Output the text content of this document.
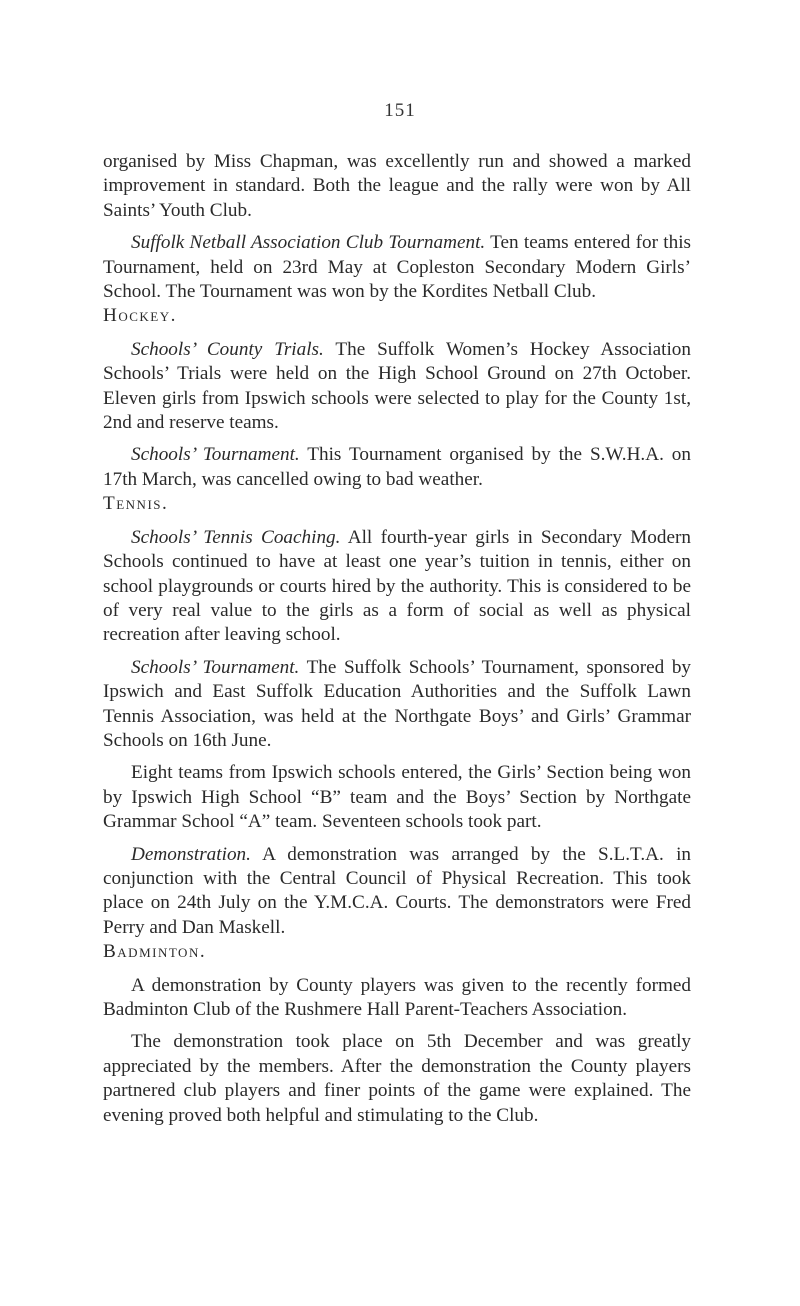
151

organised by Miss Chapman, was excellently run and showed a marked improvement in standard. Both the league and the rally were won by All Saints’ Youth Club.

Suffolk Netball Association Club Tournament. Ten teams entered for this Tournament, held on 23rd May at Copleston Secondary Modern Girls’ School. The Tournament was won by the Kordites Netball Club.

Hockey.

Schools’ County Trials. The Suffolk Women’s Hockey Association Schools’ Trials were held on the High School Ground on 27th October. Eleven girls from Ipswich schools were selected to play for the County 1st, 2nd and reserve teams.

Schools’ Tournament. This Tournament organised by the S.W.H.A. on 17th March, was cancelled owing to bad weather.

Tennis.

Schools’ Tennis Coaching. All fourth-year girls in Secondary Modern Schools continued to have at least one year’s tuition in tennis, either on school playgrounds or courts hired by the authority. This is considered to be of very real value to the girls as a form of social as well as physical recreation after leaving school.

Schools’ Tournament. The Suffolk Schools’ Tournament, sponsored by Ipswich and East Suffolk Education Authorities and the Suffolk Lawn Tennis Association, was held at the Northgate Boys’ and Girls’ Grammar Schools on 16th June.

Eight teams from Ipswich schools entered, the Girls’ Section being won by Ipswich High School “B” team and the Boys’ Section by Northgate Grammar School “A” team. Seventeen schools took part.

Demonstration. A demonstration was arranged by the S.L.T.A. in conjunction with the Central Council of Physical Recreation. This took place on 24th July on the Y.M.C.A. Courts. The demonstrators were Fred Perry and Dan Maskell.

Badminton.

A demonstration by County players was given to the recently formed Badminton Club of the Rushmere Hall Parent-Teachers Association.

The demonstration took place on 5th December and was greatly appreciated by the members. After the demonstration the County players partnered club players and finer points of the game were explained. The evening proved both helpful and stimulating to the Club.
